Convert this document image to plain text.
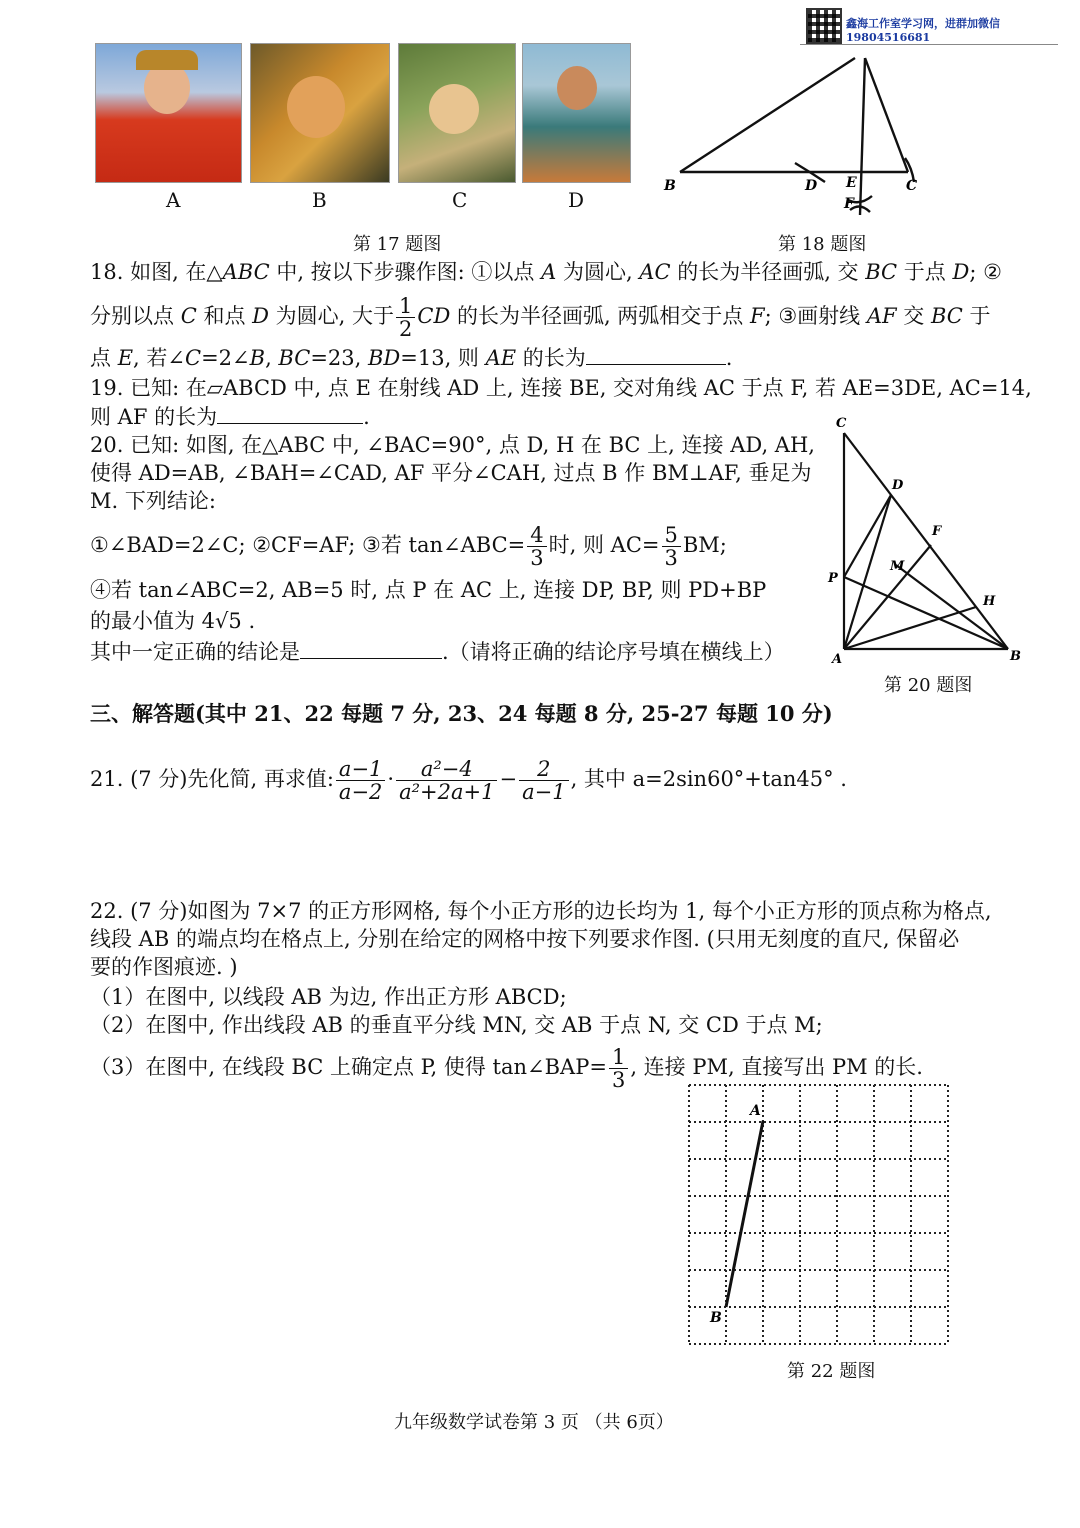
鑫海工作室学习网，进群加微信19804516681
A	B	C	D
第 17 题图
B	D E	C
F
第 18 题图
18. 如图, 在△ABC 中, 按以下步骤作图: ①以点 A 为圆心, AC 的长为半径画弧, 交 BC 于点 D; ②
分别以点 C 和点 D 为圆心, 大于 $\frac{1}{2}$ CD 的长为半径画弧, 两弧相交于点 F; ③画射线 AF 交 BC 于
点 E, 若∠C=2∠B, BC=23, BD=13, 则 AE 的长为	.
19. 已知: 在▱ABCD 中, 点 E 在射线 AD 上, 连接 BE, 交对角线 AC 于点 F, 若 AE=3DE, AC=14,
则 AF 的长为	.
20. 已知: 如图, 在△ABC 中, ∠BAC=90°, 点 D, H 在 BC 上, 连接 AD, AH,
使得 AD=AB, ∠BAH=∠CAD, AF 平分∠CAH, 过点 B 作 BM⊥AF, 垂足为
M. 下列结论:
①∠BAD=2∠C; ②CF=AF; ③若 tan∠ABC= $\frac{4}{3}$ 时, 则 $AC= \frac{5}{3}$ BM;
④若 tan∠ABC=2, AB=5 时, 点 P 在 AC 上, 连接 DP, BP, 则 PD+BP
的最小值为 4√5 .
其中一定正确的结论是	.（请将正确的结论序号填在横线上）
C
D
F
M
P
H
A	B
第 20 题图
三、解答题(其中 21、22 每题 7 分, 23、24 每题 8 分, 25-27 每题 10 分)
21. (7 分)先化简, 再求值: $\frac{a-1}{a-2} \cdot \frac{\text{a²−4}}{\text{a²+2a+1}} - \frac{2}{a-1}$ , 其中 a=2sin60°+tan45° .
22. (7 分)如图为 7×7 的正方形网格, 每个小正方形的边长均为 1, 每个小正方形的顶点称为格点,
线段 AB 的端点均在格点上, 分别在给定的网格中按下列要求作图. (只用无刻度的直尺, 保留必
要的作图痕迹. )
（1）在图中, 以线段 AB 为边, 作出正方形 ABCD;
（2）在图中, 作出线段 AB 的垂直平分线 MN, 交 AB 于点 N, 交 CD 于点 M;
（3）在图中, 在线段 BC 上确定点 P, 使得 tan∠BAP= $\frac{1}{3}$ , 连接 PM, 直接写出 PM 的长.
A
B
第 22 题图
九年级数学试卷第 3 页 （共 6页）
